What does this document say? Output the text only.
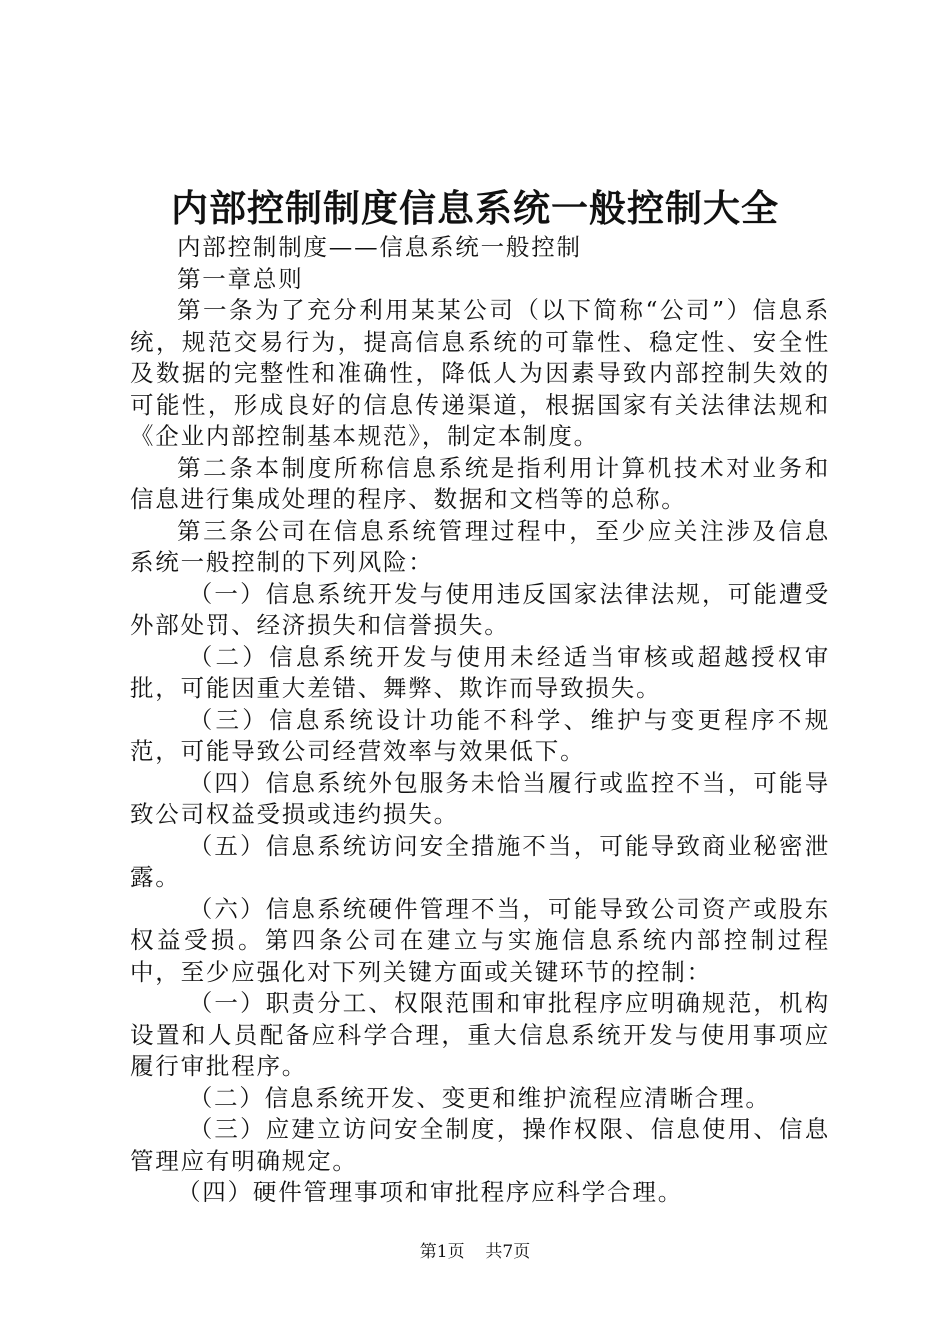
内部控制制度信息系统一般控制大全

内部控制制度——信息系统一般控制

第一章总则

第一条为了充分利用某某公司（以下简称“公司”）信息系统，规范交易行为，提高信息系统的可靠性、稳定性、安全性及数据的完整性和准确性，降低人为因素导致内部控制失效的可能性，形成良好的信息传递渠道，根据国家有关法律法规和《企业内部控制基本规范》，制定本制度。

第二条本制度所称信息系统是指利用计算机技术对业务和信息进行集成处理的程序、数据和文档等的总称。

第三条公司在信息系统管理过程中，至少应关注涉及信息系统一般控制的下列风险：

（一）信息系统开发与使用违反国家法律法规，可能遭受外部处罚、经济损失和信誉损失。

（二）信息系统开发与使用未经适当审核或超越授权审批，可能因重大差错、舞弊、欺诈而导致损失。

（三）信息系统设计功能不科学、维护与变更程序不规范，可能导致公司经营效率与效果低下。

（四）信息系统外包服务未恰当履行或监控不当，可能导致公司权益受损或违约损失。

（五）信息系统访问安全措施不当，可能导致商业秘密泄露。

（六）信息系统硬件管理不当，可能导致公司资产或股东权益受损。第四条公司在建立与实施信息系统内部控制过程中，至少应强化对下列关键方面或关键环节的控制：

（一）职责分工、权限范围和审批程序应明确规范，机构设置和人员配备应科学合理，重大信息系统开发与使用事项应履行审批程序。

（二）信息系统开发、变更和维护流程应清晰合理。

（三）应建立访问安全制度，操作权限、信息使用、信息管理应有明确规定。

（四）硬件管理事项和审批程序应科学合理。

第1页 共7页
